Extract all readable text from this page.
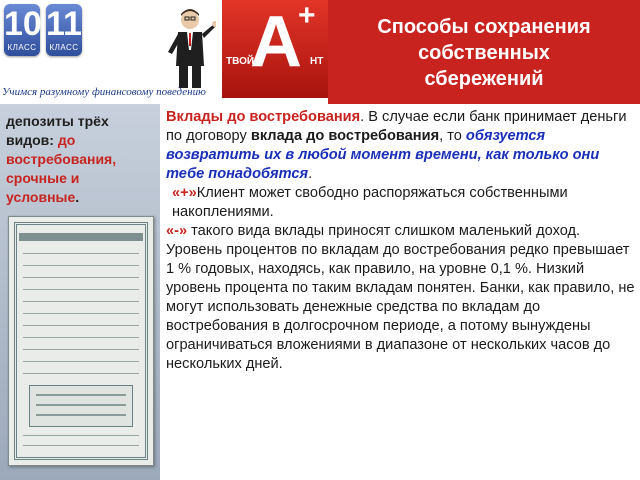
10
КЛАСС
11
КЛАСС A
+
ТВОЙ	НТ
Учимся разумному финансовому поведению
Способы сохранения
собственных
сбережений
депозиты трёх видов: до востребования, срочные и условные.

Вклады до востребования. В случае если банк принимает деньги по договору вклада до востребования, то обязуется возвратить их в любой момент времени, как только они тебе понадобятся.

«+»Клиент может свободно распоряжаться собственными накоплениями.

«-» такого вида вклады приносят слишком маленький доход. Уровень процентов по вкладам до востребования редко превышает 1 % годовых, находясь, как правило, на уровне 0,1 %. Низкий уровень процента по таким вкладам понятен. Банки, как правило, не могут использовать денежные средства по вкладам до востребования в долгосрочном периоде, а потому вынуждены ограничиваться вложениями в диапазоне от нескольких часов до нескольких дней.
